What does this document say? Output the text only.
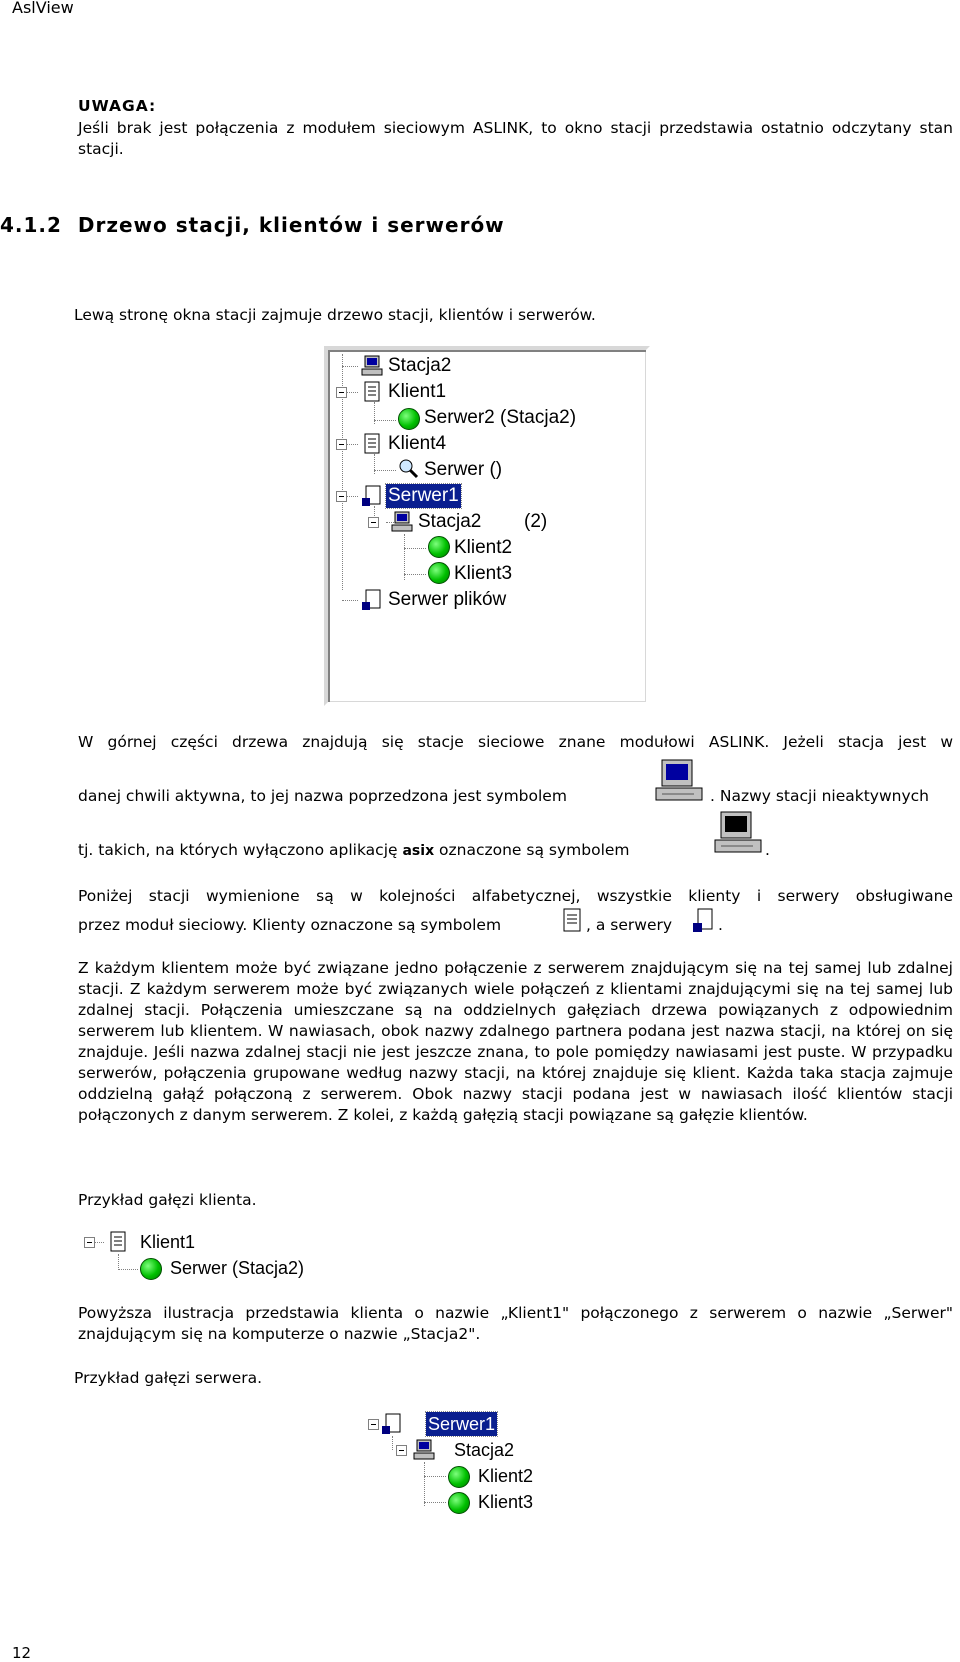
AslView
UWAGA:
Jeśli brak jest połączenia z modułem sieciowym ASLINK, to okno stacji przedstawia ostatnio odczytany stan stacji.
4.1.2 Drzewo stacji, klientów i serwerów
Lewą stronę okna stacji zajmuje drzewo stacji, klientów i serwerów.
Stacja2
Klient1
Serwer2 (Stacja2)
Klient4
Serwer ()
Serwer1
Stacja2 (2)
Klient2
Klient3
Serwer plików
W górnej części drzewa znajdują się stacje sieciowe znane modułowi ASLINK. Jeżeli stacja jest w
danej chwili aktywna, to jej nazwa poprzedzona jest symbolem	. Nazwy stacji nieaktywnych
tj. takich, na których wyłączono aplikację asix oznaczone są symbolem	.
Poniżej stacji wymienione są w kolejności alfabetycznej, wszystkie klienty i serwery obsługiwane
przez moduł sieciowy. Klienty oznaczone są symbolem	, a serwery	.
Z każdym klientem może być związane jedno połączenie z serwerem znajdującym się na tej samej lub zdalnej stacji. Z każdym serwerem może być związanych wiele połączeń z klientami znajdującymi się na tej samej lub zdalnej stacji. Połączenia umieszczane są na oddzielnych gałęziach drzewa powiązanych z odpowiednim serwerem lub klientem. W nawiasach, obok nazwy zdalnego partnera podana jest nazwa stacji, na której on się znajduje. Jeśli nazwa zdalnej stacji nie jest jeszcze znana, to pole pomiędzy nawiasami jest puste. W przypadku serwerów, połączenia grupowane według nazwy stacji, na której znajduje się klient. Każda taka stacja zajmuje oddzielną gałąź połączoną z serwerem. Obok nazwy stacji podana jest w nawiasach ilość klientów stacji połączonych z danym serwerem. Z kolei, z każdą gałęzią stacji powiązane są gałęzie klientów.
Przykład gałęzi klienta.
Klient1
Serwer (Stacja2)
Powyższa ilustracja przedstawia klienta o nazwie „Klient1" połączonego z serwerem o nazwie „Serwer" znajdującym się na komputerze o nazwie „Stacja2".
Przykład gałęzi serwera.
Serwer1
Stacja2
Klient2
Klient3
12
